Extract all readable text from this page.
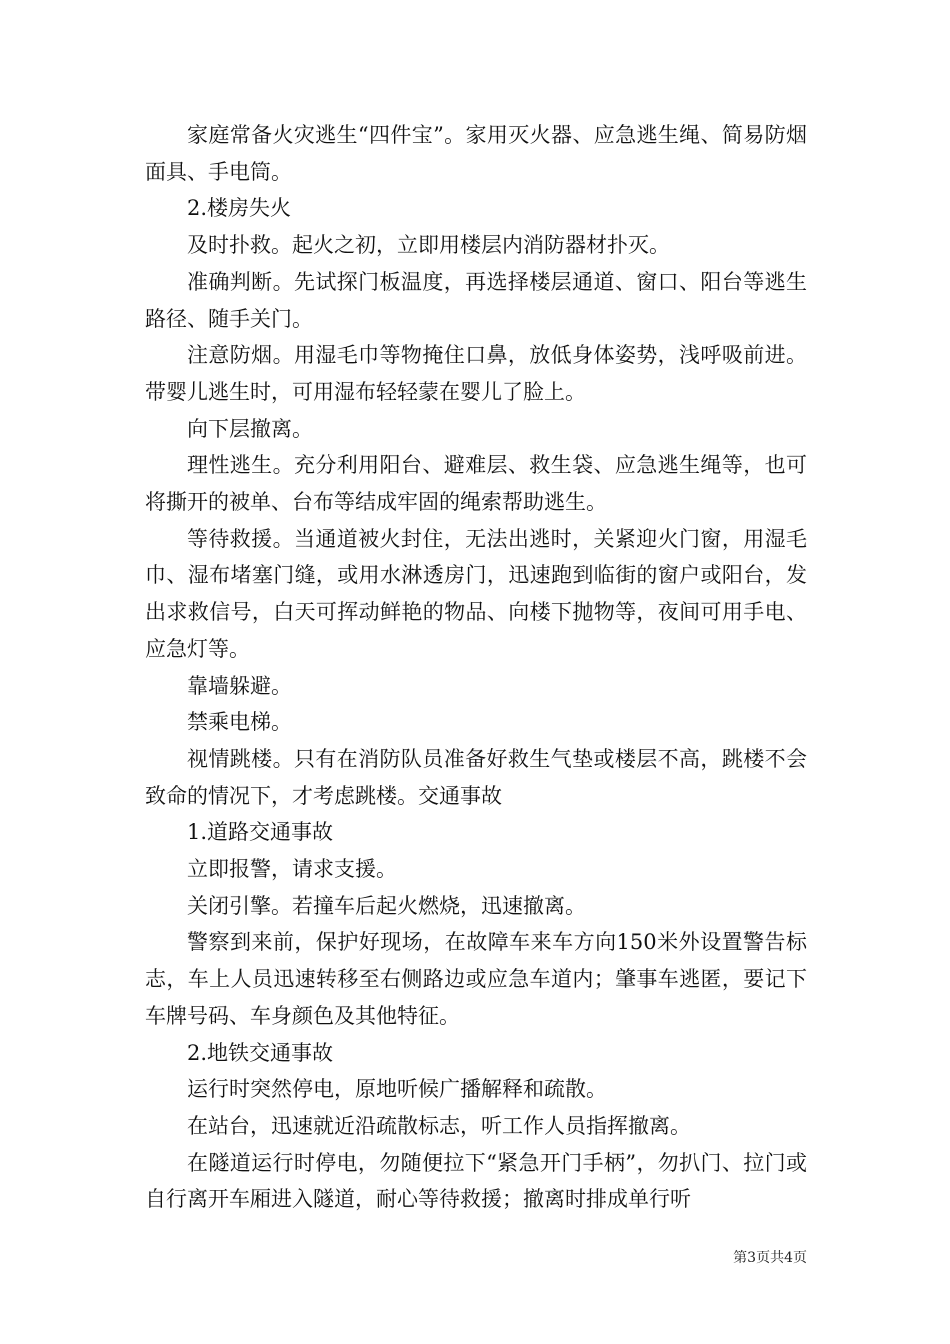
家庭常备火灾逃生“四件宝”。家用灭火器、应急逃生绳、简易防烟面具、手电筒。

2.楼房失火

及时扑救。起火之初，立即用楼层内消防器材扑灭。

准确判断。先试探门板温度，再选择楼层通道、窗口、阳台等逃生路径、随手关门。

注意防烟。用湿毛巾等物掩住口鼻，放低身体姿势，浅呼吸前进。带婴儿逃生时，可用湿布轻轻蒙在婴儿了脸上。

向下层撤离。

理性逃生。充分利用阳台、避难层、救生袋、应急逃生绳等，也可将撕开的被单、台布等结成牢固的绳索帮助逃生。

等待救援。当通道被火封住，无法出逃时，关紧迎火门窗，用湿毛巾、湿布堵塞门缝，或用水淋透房门，迅速跑到临街的窗户或阳台，发出求救信号，白天可挥动鲜艳的物品、向楼下抛物等，夜间可用手电、应急灯等。

靠墙躲避。

禁乘电梯。

视情跳楼。只有在消防队员准备好救生气垫或楼层不高，跳楼不会致命的情况下，才考虑跳楼。交通事故

1.道路交通事故

立即报警，请求支援。

关闭引擎。若撞车后起火燃烧，迅速撤离。

警察到来前，保护好现场，在故障车来车方向150米外设置警告标志，车上人员迅速转移至右侧路边或应急车道内；肇事车逃匿，要记下车牌号码、车身颜色及其他特征。

2.地铁交通事故

运行时突然停电，原地听候广播解释和疏散。

在站台，迅速就近沿疏散标志，听工作人员指挥撤离。

在隧道运行时停电，勿随便拉下“紧急开门手柄”，勿扒门、拉门或自行离开车厢进入隧道，耐心等待救援；撤离时排成单行听

第3页共4页
